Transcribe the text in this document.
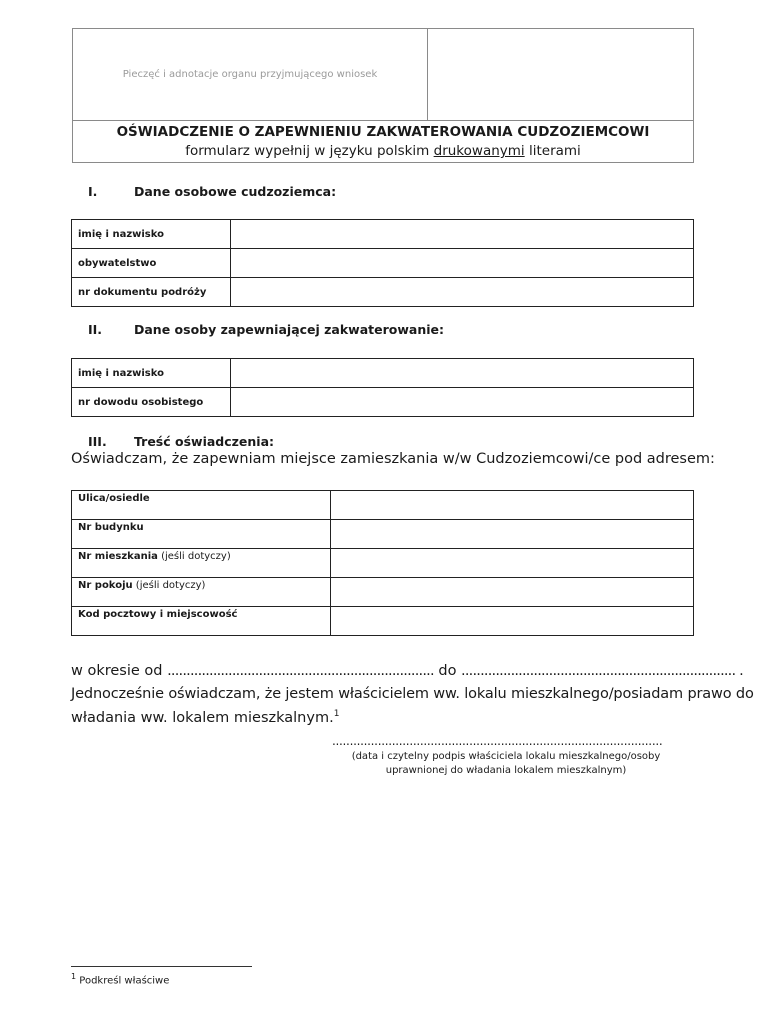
Pieczęć i adnotacje organu przyjmującego wniosek
OŚWIADCZENIE O ZAPEWNIENIU ZAKWATEROWANIA CUDZOZIEMCOWI
formularz wypełnij w języku polskim drukowanymi literami
I.	Dane osobowe cudzoziemca:
imię i nazwisko	
obywatelstwo	
nr dokumentu podróży	
II.	Dane osoby zapewniającej zakwaterowanie:
imię i nazwisko	
nr dowodu osobistego	
III. Treść oświadczenia:
Oświadczam, że zapewniam miejsce zamieszkania w/w Cudzoziemcowi/ce pod adresem:
Ulica/osiedle	
Nr budynku	
Nr mieszkania (jeśli dotyczy)	
Nr pokoju (jeśli dotyczy)	
Kod pocztowy i miejscowość	
w okresie od ...................................................................... do ........................................................................ .
Jednocześnie oświadczam, że jestem właścicielem ww. lokalu mieszkalnego/posiadam prawo do
władania ww. lokalem mieszkalnym.$^1$
..............................................................................................
(data i czytelny podpis właściciela lokalu mieszkalnego/osoby
uprawnionej do władania lokalem mieszkalnym)
$^1$ Podkreśl właściwe
